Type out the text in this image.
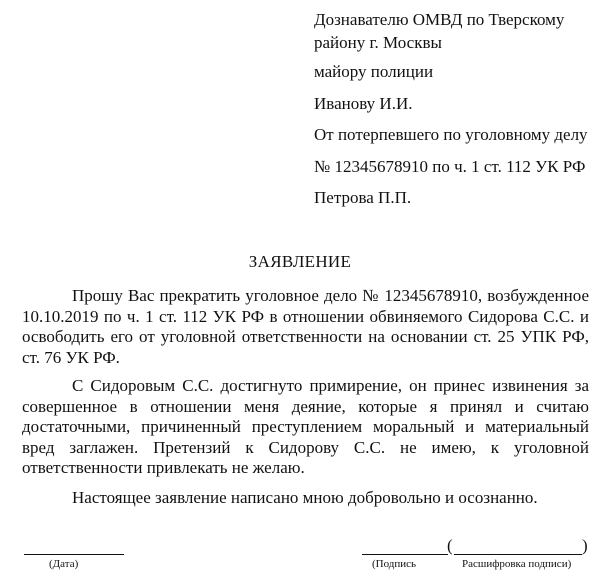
Дознавателю ОМВД по Тверскому
району г. Москвы
майору полиции
Иванову И.И.
От потерпевшего по уголовному делу
№ 12345678910 по ч. 1 ст. 112 УК РФ
Петрова П.П.
ЗАЯВЛЕНИЕ
Прошу Вас прекратить уголовное дело № 12345678910, возбужденное
10.10.2019 по ч. 1 ст. 112 УК РФ в отношении обвиняемого Сидорова С.С. и
освободить его от уголовной ответственности на основании ст. 25 УПК РФ,
ст. 76 УК РФ.
С Сидоровым С.С. достигнуто примирение, он принес извинения за
совершенное в отношении меня деяние, которые я принял и считаю
достаточными, причиненный преступлением моральный и материальный
вред заглажен. Претензий к Сидорову С.С. не имею, к уголовной
ответственности привлекать не желаю.
Настоящее заявление написано мною добровольно и осознанно.
(Дата)
(	)
(Подпись	Расшифровка подписи)
